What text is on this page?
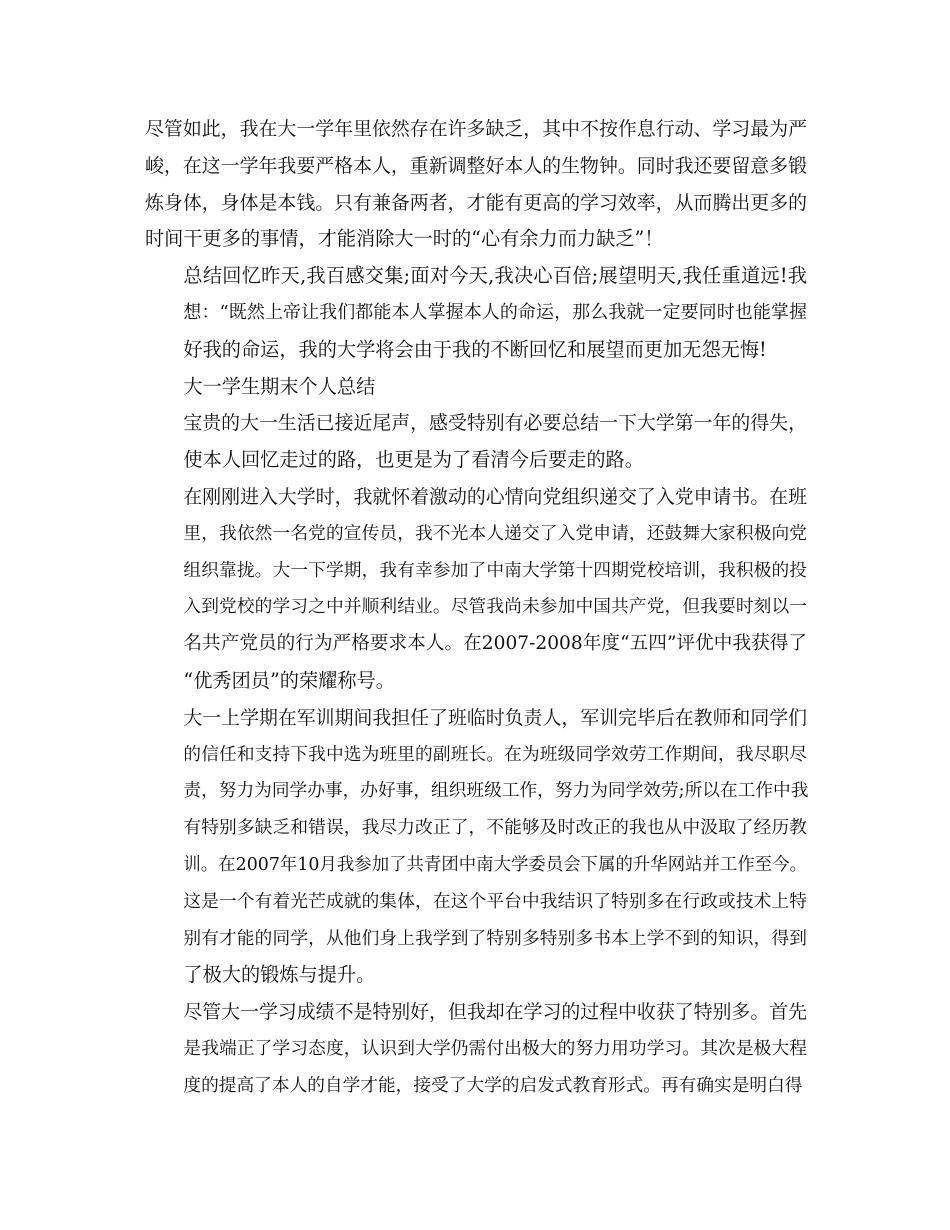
尽管如此，我在大一学年里依然存在许多缺乏，其中不按作息行动、学习最为严
峻，在这一学年我要严格本人，重新调整好本人的生物钟。同时我还要留意多锻
炼身体，身体是本钱。只有兼备两者，才能有更高的学习效率，从而腾出更多的
时间干更多的事情，才能消除大一时的“心有余力而力缺乏”！

总结回忆昨天,我百感交集;面对今天,我决心百倍;展望明天,我任重道远!我
想：“既然上帝让我们都能本人掌握本人的命运，那么我就一定要同时也能掌握
好我的命运，我的大学将会由于我的不断回忆和展望而更加无怨无悔!

大一学生期末个人总结

宝贵的大一生活已接近尾声，感受特别有必要总结一下大学第一年的得失，
使本人回忆走过的路，也更是为了看清今后要走的路。

在刚刚进入大学时，我就怀着激动的心情向党组织递交了入党申请书。在班
里，我依然一名党的宣传员，我不光本人递交了入党申请，还鼓舞大家积极向党
组织靠拢。大一下学期，我有幸参加了中南大学第十四期党校培训，我积极的投
入到党校的学习之中并顺利结业。尽管我尚未参加中国共产党，但我要时刻以一
名共产党员的行为严格要求本人。在2007-2008年度“五四”评优中我获得了
“优秀团员”的荣耀称号。

大一上学期在军训期间我担任了班临时负责人，军训完毕后在教师和同学们
的信任和支持下我中选为班里的副班长。在为班级同学效劳工作期间，我尽职尽
责，努力为同学办事，办好事，组织班级工作，努力为同学效劳;所以在工作中我
有特别多缺乏和错误，我尽力改正了，不能够及时改正的我也从中汲取了经历教
训。在2007年10月我参加了共青团中南大学委员会下属的升华网站并工作至今。
这是一个有着光芒成就的集体，在这个平台中我结识了特别多在行政或技术上特
别有才能的同学，从他们身上我学到了特别多特别多书本上学不到的知识，得到
了极大的锻炼与提升。

尽管大一学习成绩不是特别好，但我却在学习的过程中收获了特别多。首先
是我端正了学习态度，认识到大学仍需付出极大的努力用功学习。其次是极大程
度的提高了本人的自学才能，接受了大学的启发式教育形式。再有确实是明白得
